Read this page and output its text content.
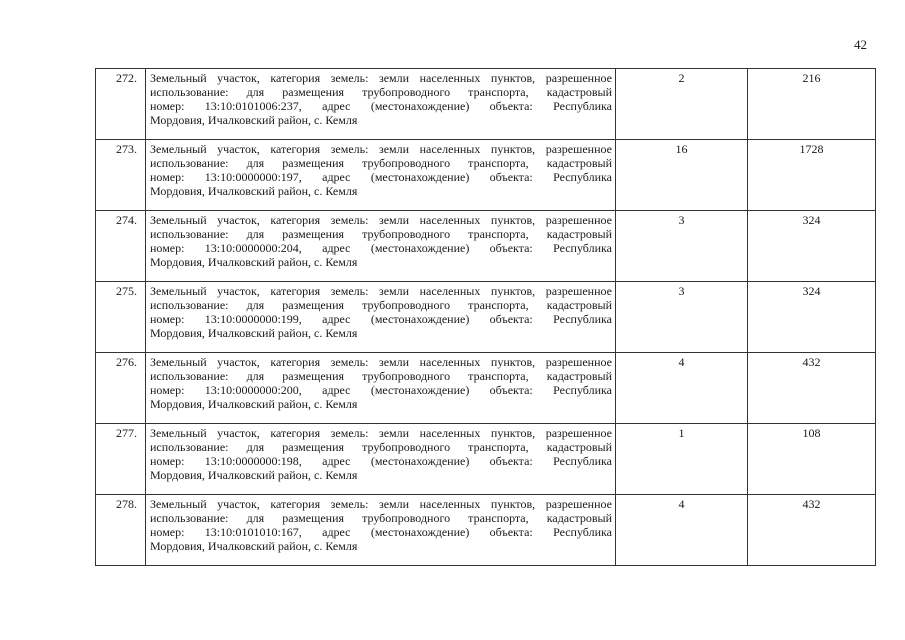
42
272.	Земельный участок, категория земель: земли населенных пунктов, разрешенное
использование: для размещения трубопроводного транспорта, кадастровый
номер: 13:10:0101006:237, адрес (местонахождение) объекта: Республика
Мордовия, Ичалковский район, с. Кемля	2	216
273.	Земельный участок, категория земель: земли населенных пунктов, разрешенное
использование: для размещения трубопроводного транспорта, кадастровый
номер: 13:10:0000000:197, адрес (местонахождение) объекта: Республика
Мордовия, Ичалковский район, с. Кемля	16	1728
274.	Земельный участок, категория земель: земли населенных пунктов, разрешенное
использование: для размещения трубопроводного транспорта, кадастровый
номер: 13:10:0000000:204, адрес (местонахождение) объекта: Республика
Мордовия, Ичалковский район, с. Кемля	3	324
275.	Земельный участок, категория земель: земли населенных пунктов, разрешенное
использование: для размещения трубопроводного транспорта, кадастровый
номер: 13:10:0000000:199, адрес (местонахождение) объекта: Республика
Мордовия, Ичалковский район, с. Кемля	3	324
276.	Земельный участок, категория земель: земли населенных пунктов, разрешенное
использование: для размещения трубопроводного транспорта, кадастровый
номер: 13:10:0000000:200, адрес (местонахождение) объекта: Республика
Мордовия, Ичалковский район, с. Кемля	4	432
277.	Земельный участок, категория земель: земли населенных пунктов, разрешенное
использование: для размещения трубопроводного транспорта, кадастровый
номер: 13:10:0000000:198, адрес (местонахождение) объекта: Республика
Мордовия, Ичалковский район, с. Кемля	1	108
278.	Земельный участок, категория земель: земли населенных пунктов, разрешенное
использование: для размещения трубопроводного транспорта, кадастровый
номер: 13:10:0101010:167, адрес (местонахождение) объекта: Республика
Мордовия, Ичалковский район, с. Кемля	4	432
